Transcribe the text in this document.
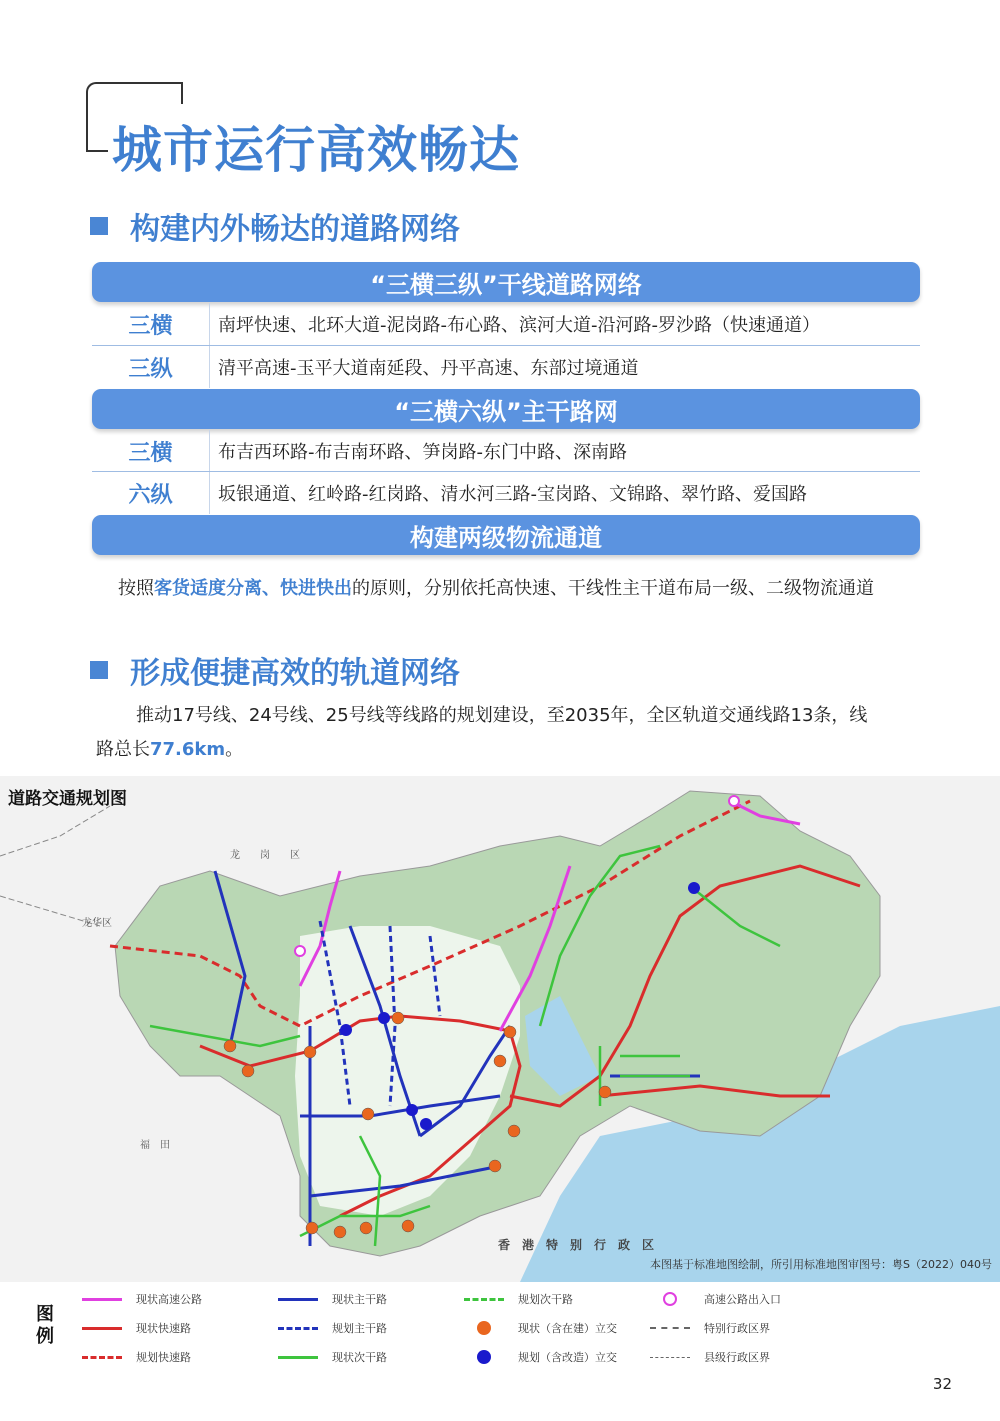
城市运行高效畅达
构建内外畅达的道路网络
“三横三纵”干线道路网络
三横	南坪快速、北环大道-泥岗路-布心路、滨河大道-沿河路-罗沙路（快速通道）
三纵	清平高速-玉平大道南延段、丹平高速、东部过境通道
“三横六纵”主干路网
三横	布吉西环路-布吉南环路、笋岗路-东门中路、深南路
六纵	坂银通道、红岭路-红岗路、清水河三路-宝岗路、文锦路、翠竹路、爱国路
构建两级物流通道
按照客货适度分离、快进快出的原则，分别依托高快速、干线性主干道布局一级、二级物流通道
形成便捷高效的轨道网络
推动17号线、24号线、25号线等线路的规划建设，至2035年，全区轨道交通线路13条，线
路总长77.6km。
道路交通规划图
龙华区
龙　　岗　　区
香　港　特　别　行　政　区
福　田
本图基于标准地图绘制，所引用标准地图审图号：粤S（2022）040号
图例
现状高速公路
现状快速路
规划快速路
现状主干路
规划主干路
现状次干路
规划次干路
现状（含在建）立交
规划（含改造）立交
高速公路出入口
特别行政区界
县级行政区界
32
